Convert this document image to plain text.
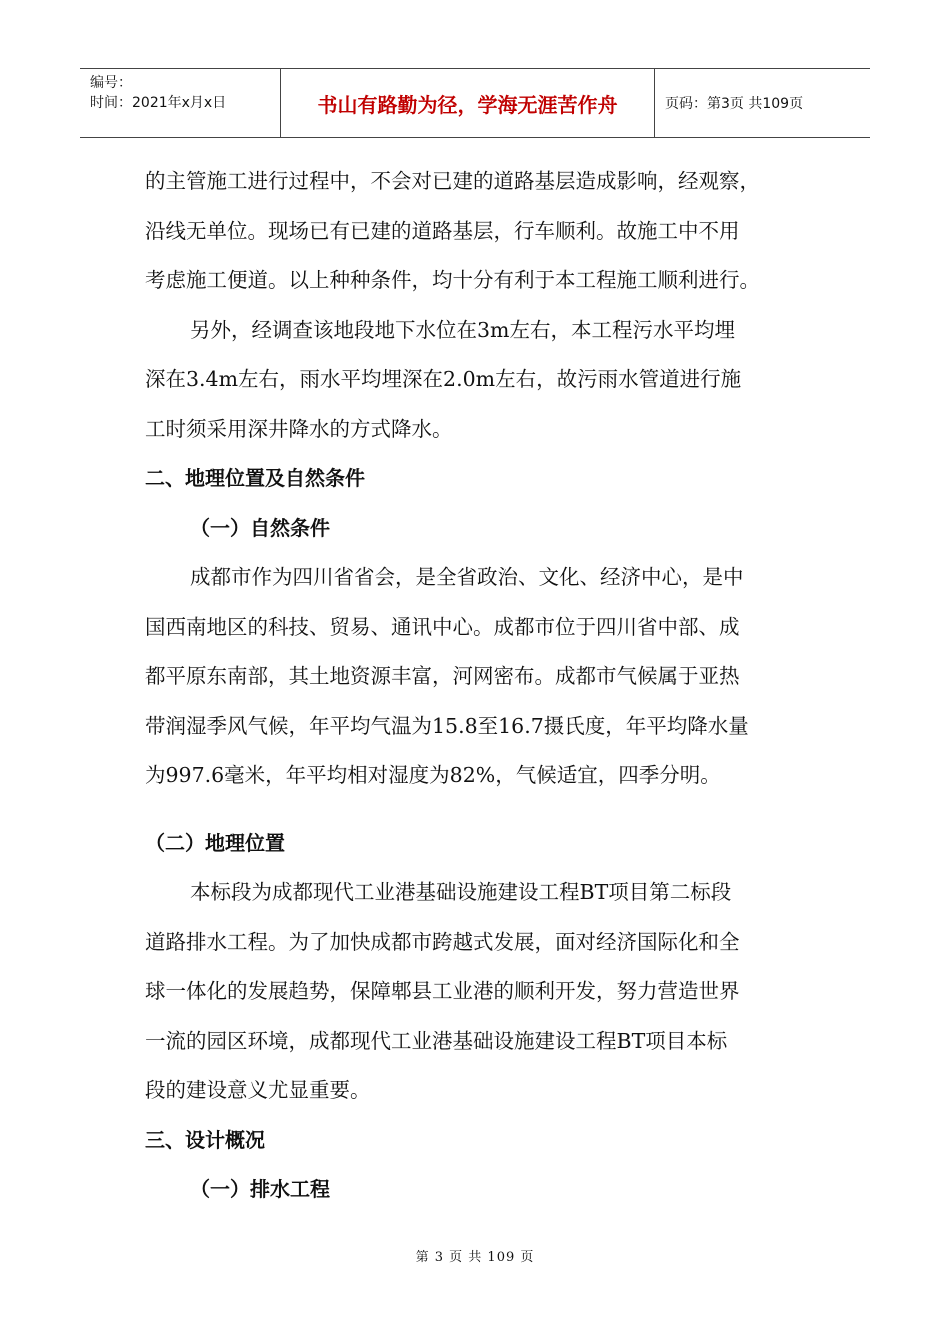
编号：
时间：2021年x月x日	书山有路勤为径，学海无涯苦作舟	页码：第3页 共109页
的主管施工进行过程中，不会对已建的道路基层造成影响，经观察，
沿线无单位。现场已有已建的道路基层，行车顺利。故施工中不用
考虑施工便道。以上种种条件，均十分有利于本工程施工顺利进行。
另外，经调查该地段地下水位在3m左右，本工程污水平均埋
深在3.4m左右，雨水平均埋深在2.0m左右，故污雨水管道进行施
工时须采用深井降水的方式降水。
二、地理位置及自然条件
（一）自然条件
成都市作为四川省省会，是全省政治、文化、经济中心，是中
国西南地区的科技、贸易、通讯中心。成都市位于四川省中部、成
都平原东南部，其土地资源丰富，河网密布。成都市气候属于亚热
带润湿季风气候，年平均气温为15.8至16.7摄氏度，年平均降水量
为997.6毫米，年平均相对湿度为82%，气候适宜，四季分明。
（二）地理位置
本标段为成都现代工业港基础设施建设工程BT项目第二标段
道路排水工程。为了加快成都市跨越式发展，面对经济国际化和全
球一体化的发展趋势，保障郫县工业港的顺利开发，努力营造世界
一流的园区环境，成都现代工业港基础设施建设工程BT项目本标
段的建设意义尤显重要。
三、设计概况
（一）排水工程
第 3 页 共 109 页
